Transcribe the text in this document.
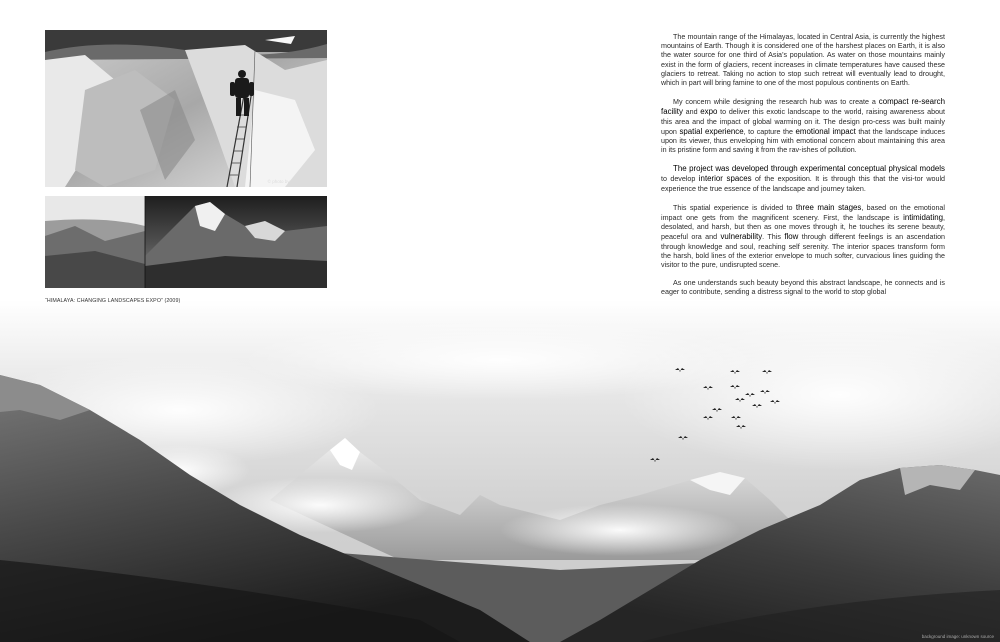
background image: unknown source
© photo by Himalaya Expo
“HIMALAYA: CHANGING LANDSCAPES EXPO” (2009)

The mountain range of the Himalayas, located in Central Asia, is currently the highest mountains of Earth. Though it is considered one of the harshest places on Earth, it is also the water source for one third of Asia’s population. As water on those mountains mainly exist in the form of glaciers, recent increases in climate temperatures have caused these glaciers to retreat. Taking no action to stop such retreat will eventually lead to drought, which in part will bring famine to one of the most populous continents on Earth.

My concern while designing the research hub was to create a compact re-search facility and expo to deliver this exotic landscape to the world, raising awareness about this area and the impact of global warming on it. The design pro-cess was built mainly upon spatial experience, to capture the emotional impact that the landscape induces upon its viewer, thus enveloping him with emotional concern about maintaining this area in its pristine form and saving it from the rav-ishes of pollution.

The project was developed through experimental conceptual physical models to develop interior spaces of the exposition. It is through this that the visi-tor would experience the true essence of the landscape and journey taken.

This spatial experience is divided to three main stages, based on the emotional impact one gets from the magnificent scenery. First, the landscape is intimidating, desolated, and harsh, but then as one moves through it, he touches its serene beauty, peaceful ora and vulnerability. This flow through different feelings is an ascendation through knowledge and soul, reaching self serenity. The interior spaces transform form the harsh, bold lines of the exterior envelope to much softer, curvacious lines guiding the visitor to the pure, undisrupted scene.

As one understands such beauty beyond this abstract landscape, he connects and is eager to contribute, sending a distress signal to the world to stop global
